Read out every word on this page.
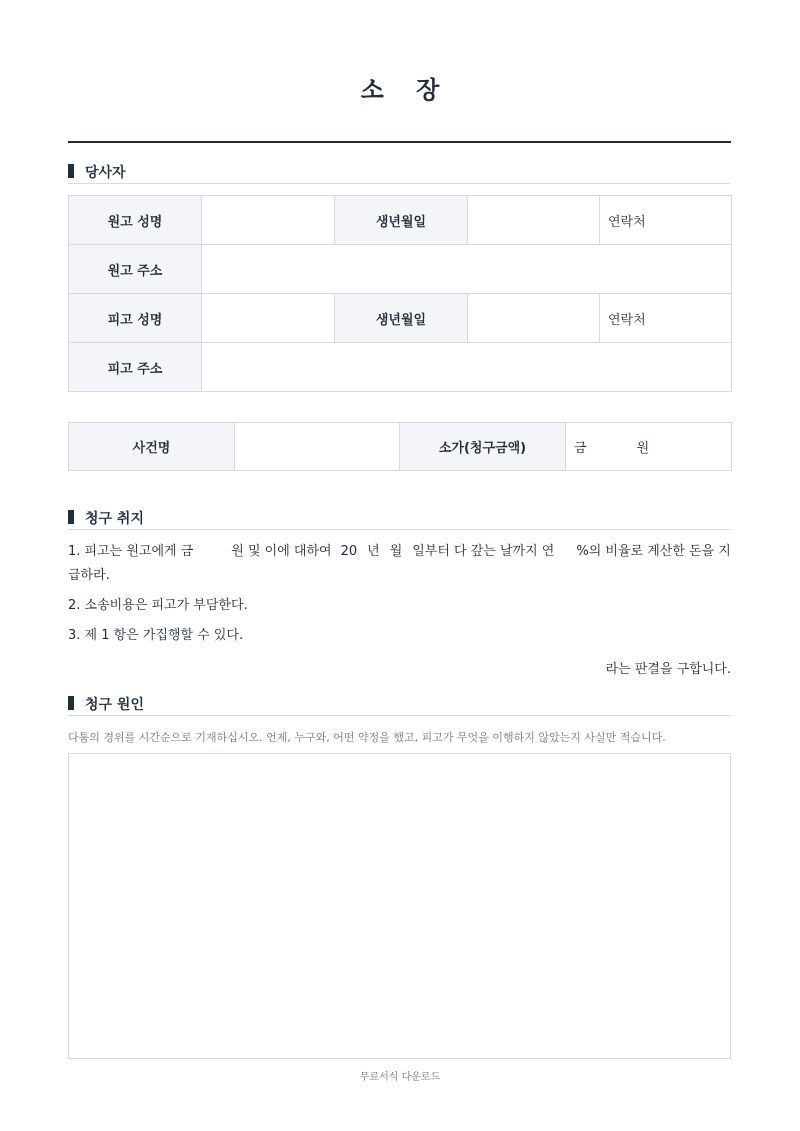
소 장
당사자
원고 성명		생년월일		연락처
원고 주소				
피고 성명		생년월일		연락처
피고 주소				
사건명		소가(청구금액)	금	원
청구 취지
1. 피고는 원고에게 금	원 및 이에 대하여 20 년 월 일부터 다 갚는 날까지 연 %의 비율로 계산한 돈을 지급하라.
2. 소송비용은 피고가 부담한다.
3. 제 1 항은 가집행할 수 있다.
라는 판결을 구합니다.
청구 원인
다툼의 경위를 시간순으로 기재하십시오. 언제, 누구와, 어떤 약정을 했고, 피고가 무엇을 이행하지 않았는지 사실만 적습니다.
무료서식 다운로드
